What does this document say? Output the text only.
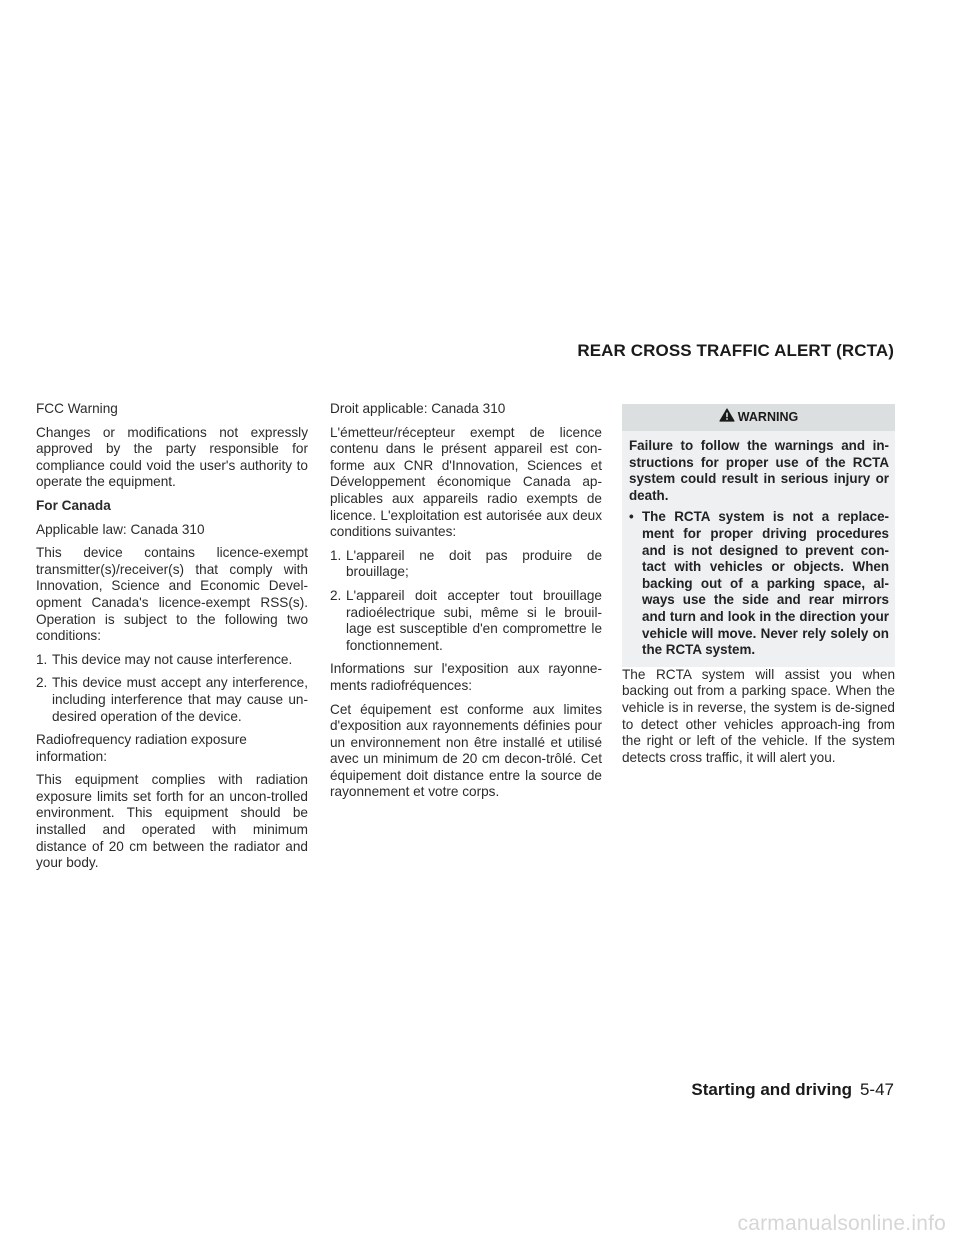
REAR CROSS TRAFFIC ALERT (RCTA)

FCC Warning

Changes or modifications not expressly approved by the party responsible for compliance could void the user's authority to operate the equipment.

For Canada

Applicable law: Canada 310

This device contains licence-exempt transmitter(s)/receiver(s) that comply with Innovation, Science and Economic Devel-opment Canada's licence-exempt RSS(s). Operation is subject to the following two conditions:

1. This device may not cause interference.
2. This device must accept any interference, including interference that may cause un-desired operation of the device.

Radiofrequency radiation exposure information:

This equipment complies with radiation exposure limits set forth for an uncon-trolled environment. This equipment should be installed and operated with minimum distance of 20 cm between the radiator and your body.

Droit applicable: Canada 310

L'émetteur/récepteur exempt de licence contenu dans le présent appareil est con-forme aux CNR d'Innovation, Sciences et Développement économique Canada ap-plicables aux appareils radio exempts de licence. L'exploitation est autorisée aux deux conditions suivantes:

1. L'appareil ne doit pas produire de brouillage;
2. L'appareil doit accepter tout brouillage radioélectrique subi, même si le brouil-lage est susceptible d'en compromettre le fonctionnement.

Informations sur l'exposition aux rayonne-ments radiofréquences:

Cet équipement est conforme aux limites d'exposition aux rayonnements définies pour un environnement non être installé et utilisé avec un minimum de 20 cm decon-trôlé. Cet équipement doit distance entre la source de rayonnement et votre corps.

WARNING

Failure to follow the warnings and in-structions for proper use of the RCTA system could result in serious injury or death.

• The RCTA system is not a replace-ment for proper driving procedures and is not designed to prevent con-tact with vehicles or objects. When backing out of a parking space, al-ways use the side and rear mirrors and turn and look in the direction your vehicle will move. Never rely solely on the RCTA system.

The RCTA system will assist you when backing out from a parking space. When the vehicle is in reverse, the system is de-signed to detect other vehicles approach-ing from the right or left of the vehicle. If the system detects cross traffic, it will alert you.

Starting and driving 5-47
carmanualsonline.info
